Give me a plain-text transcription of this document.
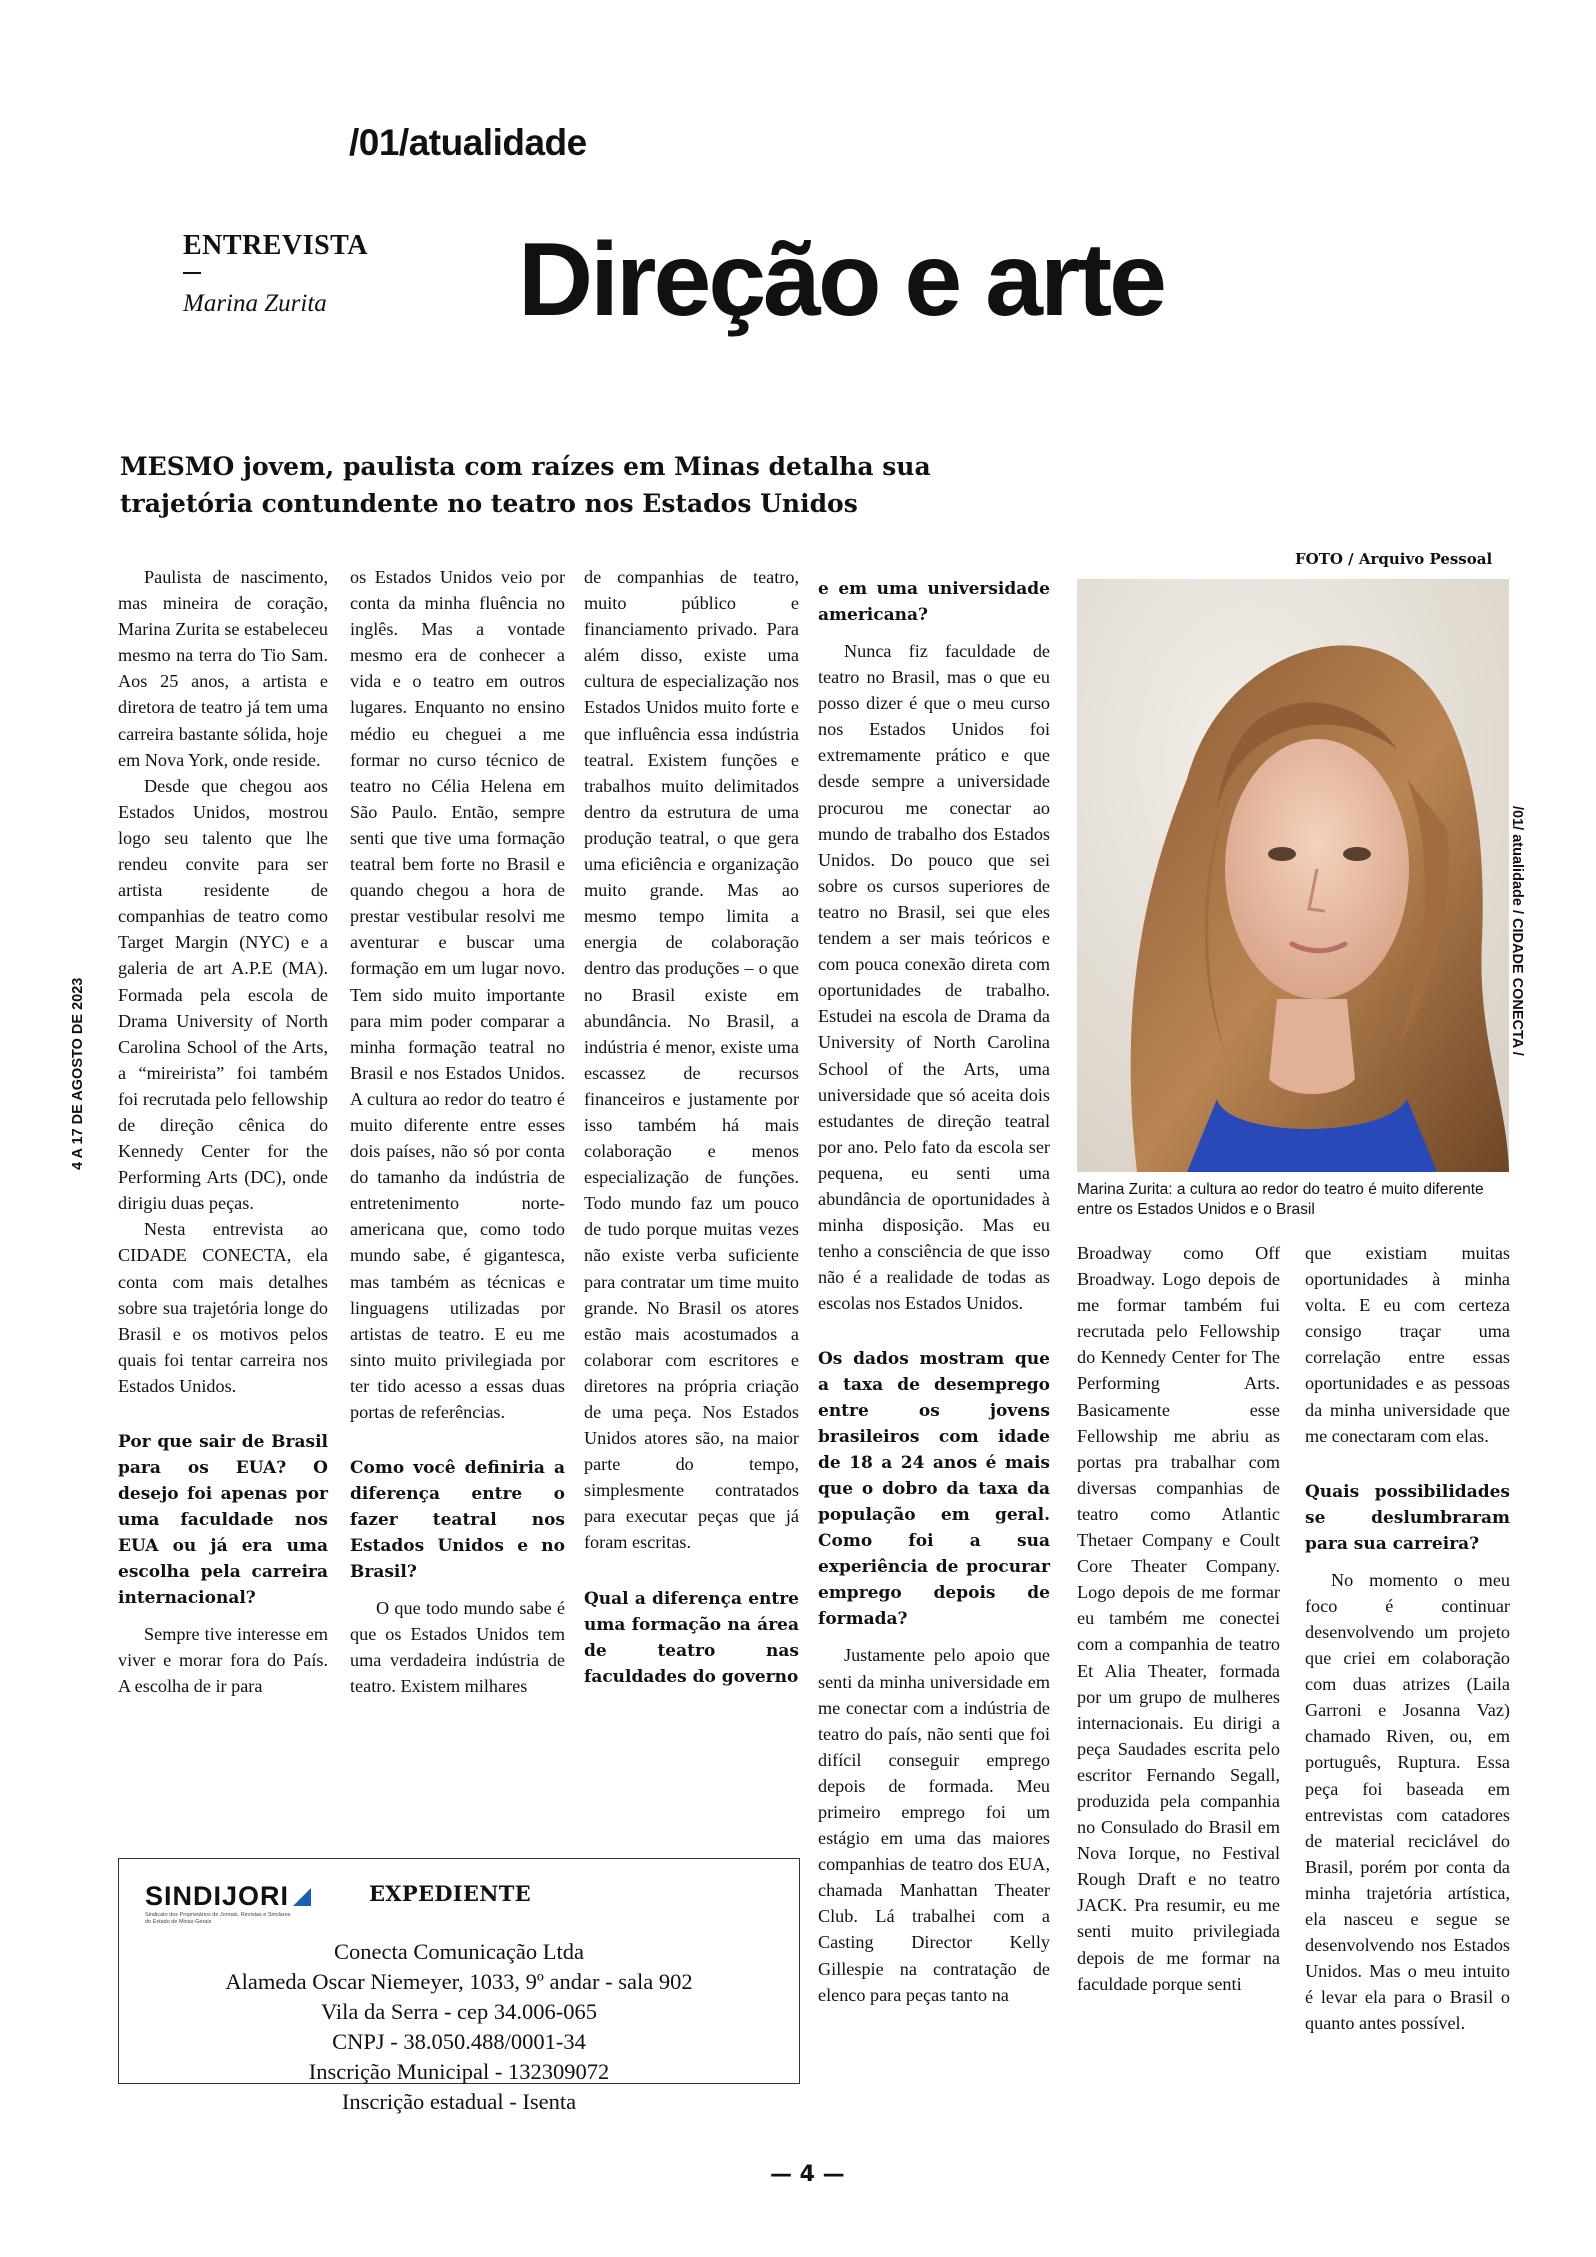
/01/atualidade
ENTREVISTA
Marina Zurita Direção e arte
MESMO jovem, paulista com raízes em Minas detalha sua trajetória contundente no teatro nos Estados Unidos
4 A 17 DE AGOSTO DE 2023
/01/ atualidade / CIDADE CONECTA /

Paulista de nascimento, mas mineira de coração, Marina Zurita se estabeleceu mesmo na terra do Tio Sam. Aos 25 anos, a artista e diretora de teatro já tem uma carreira bastante sólida, hoje em Nova York, onde reside.

Desde que chegou aos Estados Unidos, mostrou logo seu talento que lhe rendeu convite para ser artista residente de companhias de teatro como Target Margin (NYC) e a galeria de art A.P.E (MA). Formada pela escola de Drama University of North Carolina School of the Arts, a “mireirista” foi também foi recrutada pelo fellowship de direção cênica do Kennedy Center for the Performing Arts (DC), onde dirigiu duas peças.

Nesta entrevista ao CIDADE CONECTA, ela conta com mais detalhes sobre sua trajetória longe do Brasil e os motivos pelos quais foi tentar carreira nos Estados Unidos.

Por que sair de Brasil para os EUA? O desejo foi apenas por uma faculdade nos EUA ou já era uma escolha pela carreira internacional?

Sempre tive interesse em viver e morar fora do País. A escolha de ir para

os Estados Unidos veio por conta da minha fluência no inglês. Mas a vontade mesmo era de conhecer a vida e o teatro em outros lugares. Enquanto no ensino médio eu cheguei a me formar no curso técnico de teatro no Célia Helena em São Paulo. Então, sempre senti que tive uma formação teatral bem forte no Brasil e quando chegou a hora de prestar vestibular resolvi me aventurar e buscar uma formação em um lugar novo. Tem sido muito importante para mim poder comparar a minha formação teatral no Brasil e nos Estados Unidos. A cultura ao redor do teatro é muito diferente entre esses dois países, não só por conta do tamanho da indústria de entretenimento norte-americana que, como todo mundo sabe, é gigantesca, mas também as técnicas e linguagens utilizadas por artistas de teatro. E eu me sinto muito privilegiada por ter tido acesso a essas duas portas de referências.

Como você definiria a diferença entre o fazer teatral nos Estados Unidos e no Brasil?

O que todo mundo sabe é que os Estados Unidos tem uma verdadeira indústria de teatro. Existem milhares

de companhias de teatro, muito público e financiamento privado. Para além disso, existe uma cultura de especialização nos Estados Unidos muito forte e que influência essa indústria teatral. Existem funções e trabalhos muito delimitados dentro da estrutura de uma produção teatral, o que gera uma eficiência e organização muito grande. Mas ao mesmo tempo limita a energia de colaboração dentro das produções – o que no Brasil existe em abundância. No Brasil, a indústria é menor, existe uma escassez de recursos financeiros e justamente por isso também há mais colaboração e menos especialização de funções. Todo mundo faz um pouco de tudo porque muitas vezes não existe verba suficiente para contratar um time muito grande. No Brasil os atores estão mais acostumados a colaborar com escritores e diretores na própria criação de uma peça. Nos Estados Unidos atores são, na maior parte do tempo, simplesmente contratados para executar peças que já foram escritas.

Qual a diferença entre uma formação na área de teatro nas faculdades do governo
e em uma universidade americana?

Nunca fiz faculdade de teatro no Brasil, mas o que eu posso dizer é que o meu curso nos Estados Unidos foi extremamente prático e que desde sempre a universidade procurou me conectar ao mundo de trabalho dos Estados Unidos. Do pouco que sei sobre os cursos superiores de teatro no Brasil, sei que eles tendem a ser mais teóricos e com pouca conexão direta com oportunidades de trabalho. Estudei na escola de Drama da University of North Carolina School of the Arts, uma universidade que só aceita dois estudantes de direção teatral por ano. Pelo fato da escola ser pequena, eu senti uma abundância de oportunidades à minha disposição. Mas eu tenho a consciência de que isso não é a realidade de todas as escolas nos Estados Unidos.

Os dados mostram que a taxa de desemprego entre os jovens brasileiros com idade de 18 a 24 anos é mais que o dobro da taxa da população em geral. Como foi a sua experiência de procurar emprego depois de formada?

Justamente pelo apoio que senti da minha universidade em me conectar com a indústria de teatro do país, não senti que foi difícil conseguir emprego depois de formada. Meu primeiro emprego foi um estágio em uma das maiores companhias de teatro dos EUA, chamada Manhattan Theater Club. Lá trabalhei com a Casting Director Kelly Gillespie na contratação de elenco para peças tanto na

FOTO / Arquivo Pessoal
Marina Zurita: a cultura ao redor do teatro é muito diferente entre os Estados Unidos e o Brasil

Broadway como Off Broadway. Logo depois de me formar também fui recrutada pelo Fellowship do Kennedy Center for The Performing Arts. Basicamente esse Fellowship me abriu as portas pra trabalhar com diversas companhias de teatro como Atlantic Thetaer Company e Coult Core Theater Company. Logo depois de me formar eu também me conectei com a companhia de teatro Et Alia Theater, formada por um grupo de mulheres internacionais. Eu dirigi a peça Saudades escrita pelo escritor Fernando Segall, produzida pela companhia no Consulado do Brasil em Nova Iorque, no Festival Rough Draft e no teatro JACK. Pra resumir, eu me senti muito privilegiada depois de me formar na faculdade porque senti

que existiam muitas oportunidades à minha volta. E eu com certeza consigo traçar uma correlação entre essas oportunidades e as pessoas da minha universidade que me conectaram com elas.

Quais possibilidades se deslumbraram para sua carreira?

No momento o meu foco é continuar desenvolvendo um projeto que criei em colaboração com duas atrizes (Laila Garroni e Josanna Vaz) chamado Riven, ou, em português, Ruptura. Essa peça foi baseada em entrevistas com catadores de material reciclável do Brasil, porém por conta da minha trajetória artística, ela nasceu e segue se desenvolvendo nos Estados Unidos. Mas o meu intuito é levar ela para o Brasil o quanto antes possível.

SINDIJORI
Sindicato dos Proprietários de Jornais, Revistas e Similares do Estado de Minas Gerais
EXPEDIENTE
Conecta Comunicação Ltda
Alameda Oscar Niemeyer, 1033, 9º andar - sala 902
Vila da Serra - cep 34.006-065
CNPJ - 38.050.488/0001-34
Inscrição Municipal - 132309072
Inscrição estadual - Isenta
— 4 —
